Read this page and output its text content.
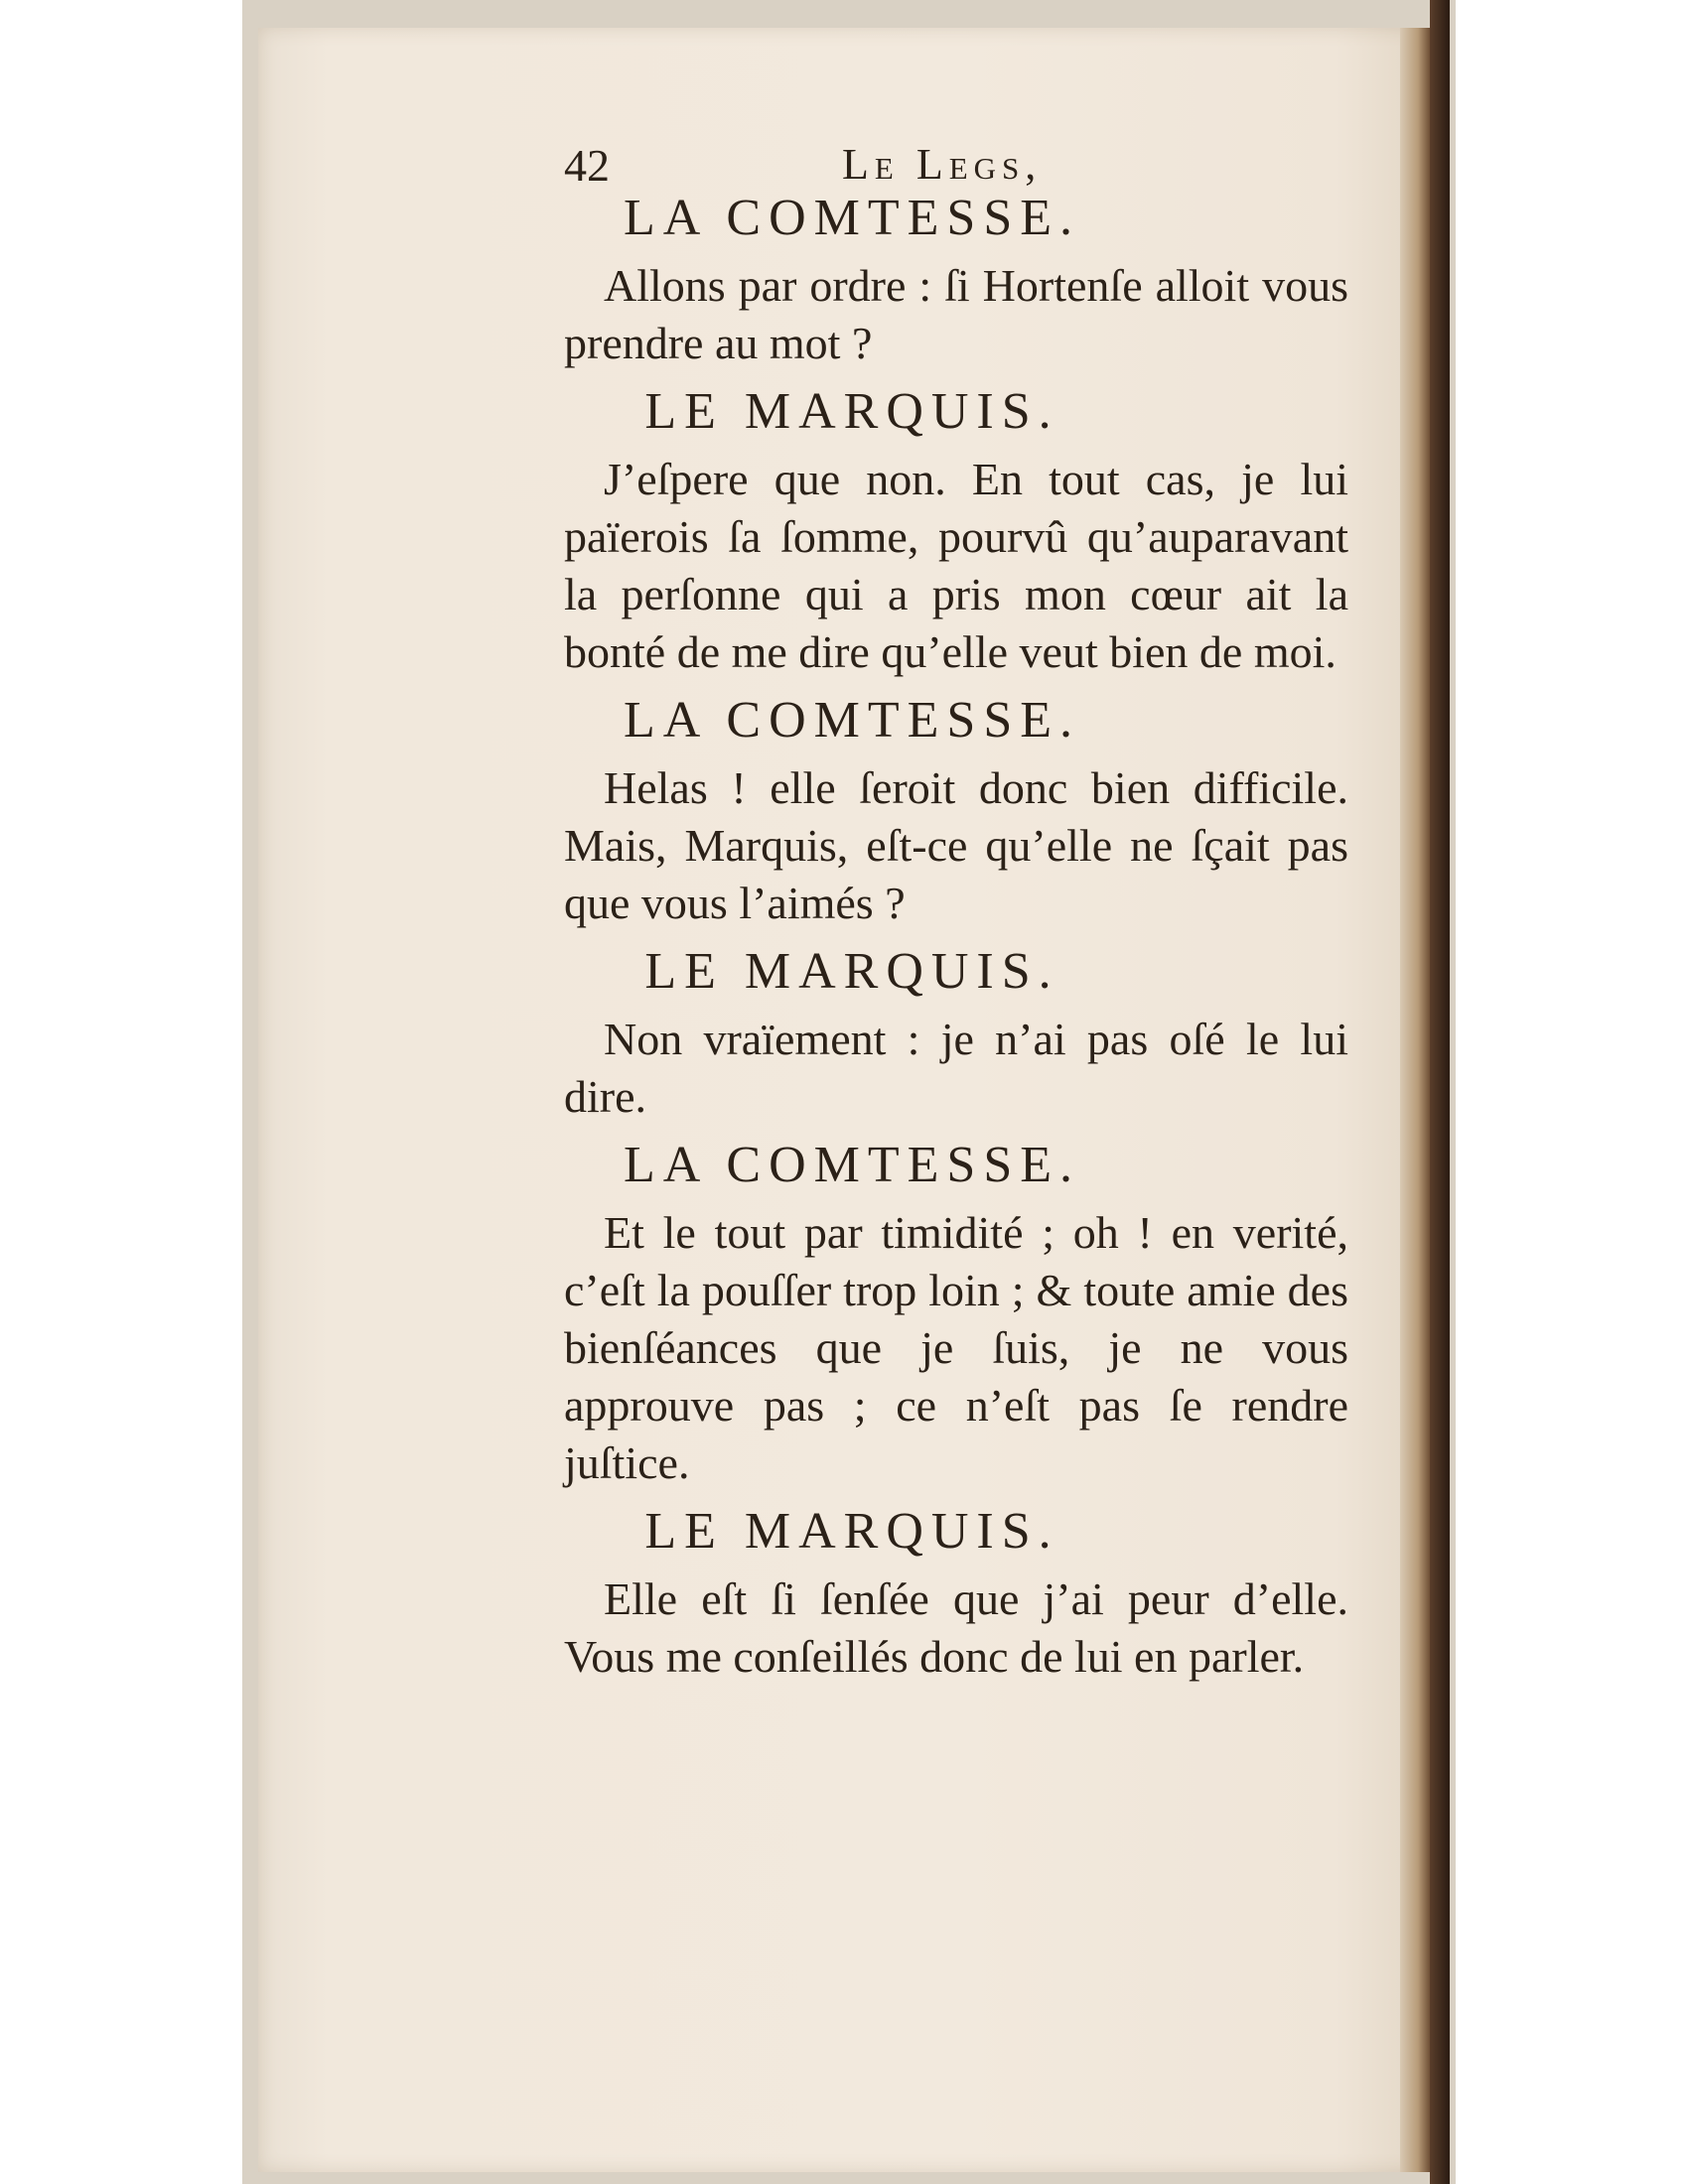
42	Le Legs,
LA COMTESSE.

Allons par ordre : ſi Hortenſe alloit vous prendre au mot ?

LE MARQUIS.

J’eſpere que non. En tout cas, je lui païerois ſa ſomme, pourvû qu’auparavant la perſonne qui a pris mon cœur ait la bonté de me dire qu’elle veut bien de moi.

LA COMTESSE.

Helas ! elle ſeroit donc bien difficile. Mais, Marquis, eſt-ce qu’elle ne ſçait pas que vous l’aimés ?

LE MARQUIS.

Non vraïement : je n’ai pas oſé le lui dire.

LA COMTESSE.

Et le tout par timidité ; oh ! en verité, c’eſt la pouſſer trop loin ; & toute amie des bienſéances que je ſuis, je ne vous approuve pas ; ce n’eſt pas ſe rendre juſtice.

LE MARQUIS.

Elle eſt ſi ſenſée que j’ai peur d’elle. Vous me conſeillés donc de lui en parler.
